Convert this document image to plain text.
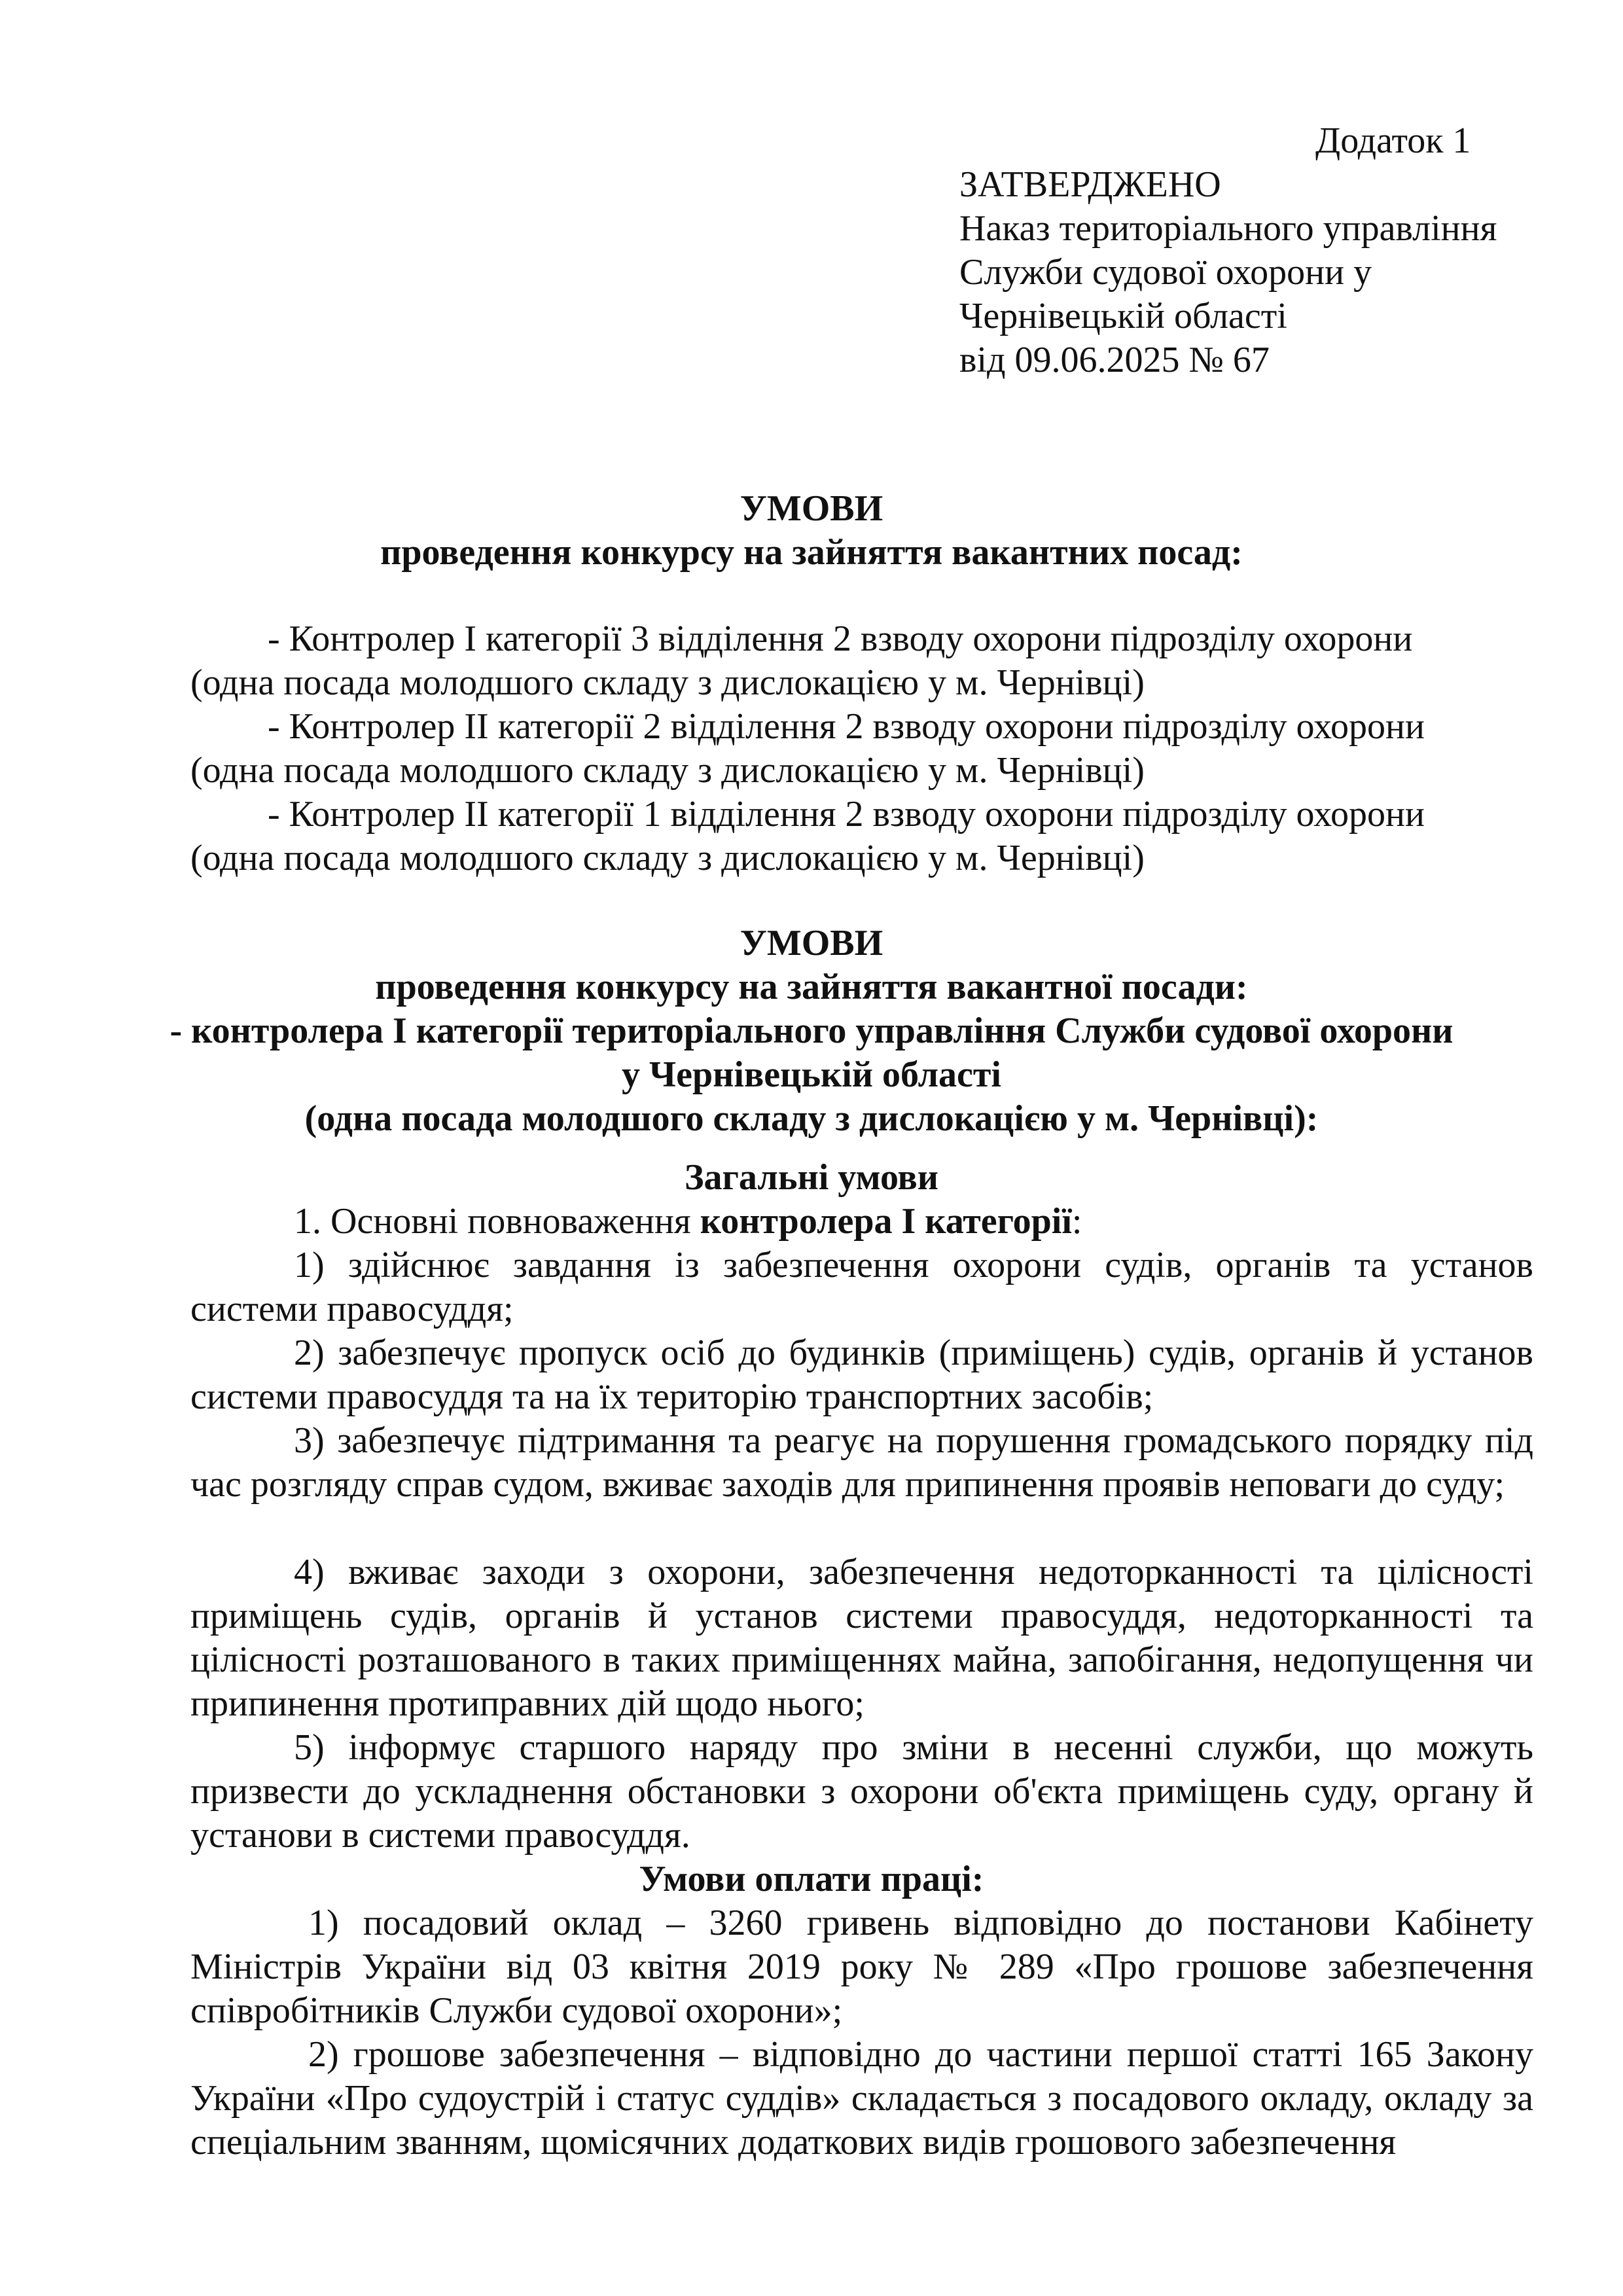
Додаток 1
ЗАТВЕРДЖЕНО
Наказ територіального управління
Служби судової охорони у
Чернівецькій області
від 09.06.2025 № 67
УМОВИ
проведення конкурсу на зайняття вакантних посад:
- Контролер І категорії 3 відділення 2 взводу охорони підрозділу охорони
(одна посада молодшого складу з дислокацією у м. Чернівці)
- Контролер ІІ категорії 2 відділення 2 взводу охорони підрозділу охорони
(одна посада молодшого складу з дислокацією у м. Чернівці)
- Контролер ІІ категорії 1 відділення 2 взводу охорони підрозділу охорони
(одна посада молодшого складу з дислокацією у м. Чернівці)
УМОВИ
проведення конкурсу на зайняття вакантної посади:
- контролера І категорії територіального управління Служби судової охорони
у Чернівецькій області
(одна посада молодшого складу з дислокацією у м. Чернівці):
Загальні умови
1. Основні повноваження контролера І категорії:
1) здійснює завдання із забезпечення охорони судів, органів та установ системи правосуддя;
2) забезпечує пропуск осіб до будинків (приміщень) судів, органів й установ системи правосуддя та на їх територію транспортних засобів;
3) забезпечує підтримання та реагує на порушення громадського порядку під час розгляду справ судом, вживає заходів для припинення проявів неповаги до суду;
4) вживає заходи з охорони, забезпечення недоторканності та цілісності приміщень судів, органів й установ системи правосуддя, недоторканності та цілісності розташованого в таких приміщеннях майна, запобігання, недопущення чи припинення протиправних дій щодо нього;
5) інформує старшого наряду про зміни в несенні служби, що можуть призвести до ускладнення обстановки з охорони об'єкта приміщень суду, органу й установи в системи правосуддя.
Умови оплати праці:
1) посадовий оклад – 3260 гривень відповідно до постанови Кабінету Міністрів України від 03 квітня 2019 року № 289 «Про грошове забезпечення співробітників Служби судової охорони»;
2) грошове забезпечення – відповідно до частини першої статті 165 Закону України «Про судоустрій і статус суддів» складається з посадового окладу, окладу за спеціальним званням, щомісячних додаткових видів грошового забезпечення
